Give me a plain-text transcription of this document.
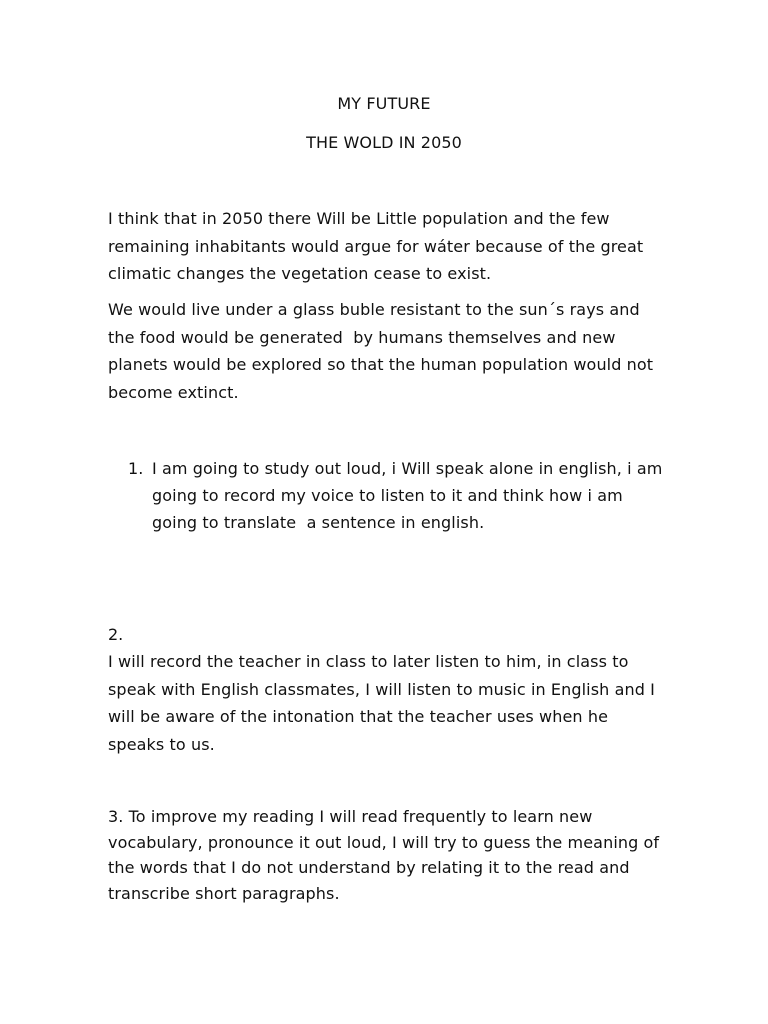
MY FUTURE
THE WOLD IN 2050

I think that in 2050 there Will be Little population and the few
remaining inhabitants would argue for wáter because of the great
climatic changes the vegetation cease to exist.

We would live under a glass buble resistant to the sun´s rays and
the food would be generated  by humans themselves and new
planets would be explored so that the human population would not
become extinct.

1. I am going to study out loud, i Will speak alone in english, i am
going to record my voice to listen to it and think how i am
going to translate  a sentence in english.

2.

I will record the teacher in class to later listen to him, in class to
speak with English classmates, I will listen to music in English and I
will be aware of the intonation that the teacher uses when he
speaks to us.

3. To improve my reading I will read frequently to learn new
vocabulary, pronounce it out loud, I will try to guess the meaning of
the words that I do not understand by relating it to the read and
transcribe short paragraphs.
